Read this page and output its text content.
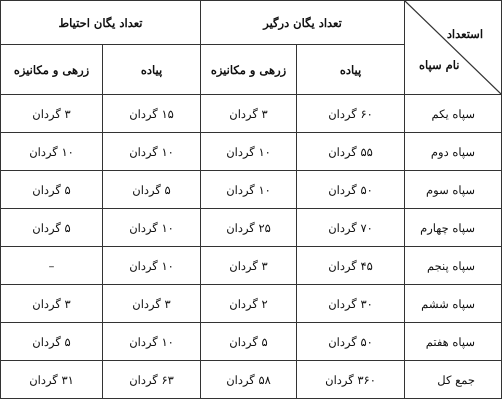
استعداد
نام سپاه	تعداد یگان درگیر		تعداد یگان احتیاط	
	پیاده	زرهی و مکانیزه	پیاده	زرهی و مکانیزه
سپاه یکم	۶۰ گردان	۳ گردان	۱۵ گردان	۳ گردان
سپاه دوم	۵۵ گردان	۱۰ گردان	۱۰ گردان	۱۰ گردان
سپاه سوم	۵۰ گردان	۱۰ گردان	۵ گردان	۵ گردان
سپاه چهارم	۷۰ گردان	۲۵ گردان	۱۰ گردان	۵ گردان
سپاه پنجم	۴۵ گردان	۳ گردان	۱۰ گردان	–
سپاه ششم	۳۰ گردان	۲ گردان	۳ گردان	۳ گردان
سپاه هفتم	۵۰ گردان	۵ گردان	۱۰ گردان	۵ گردان
جمع کل	۳۶۰ گردان	۵۸ گردان	۶۳ گردان	۳۱ گردان
